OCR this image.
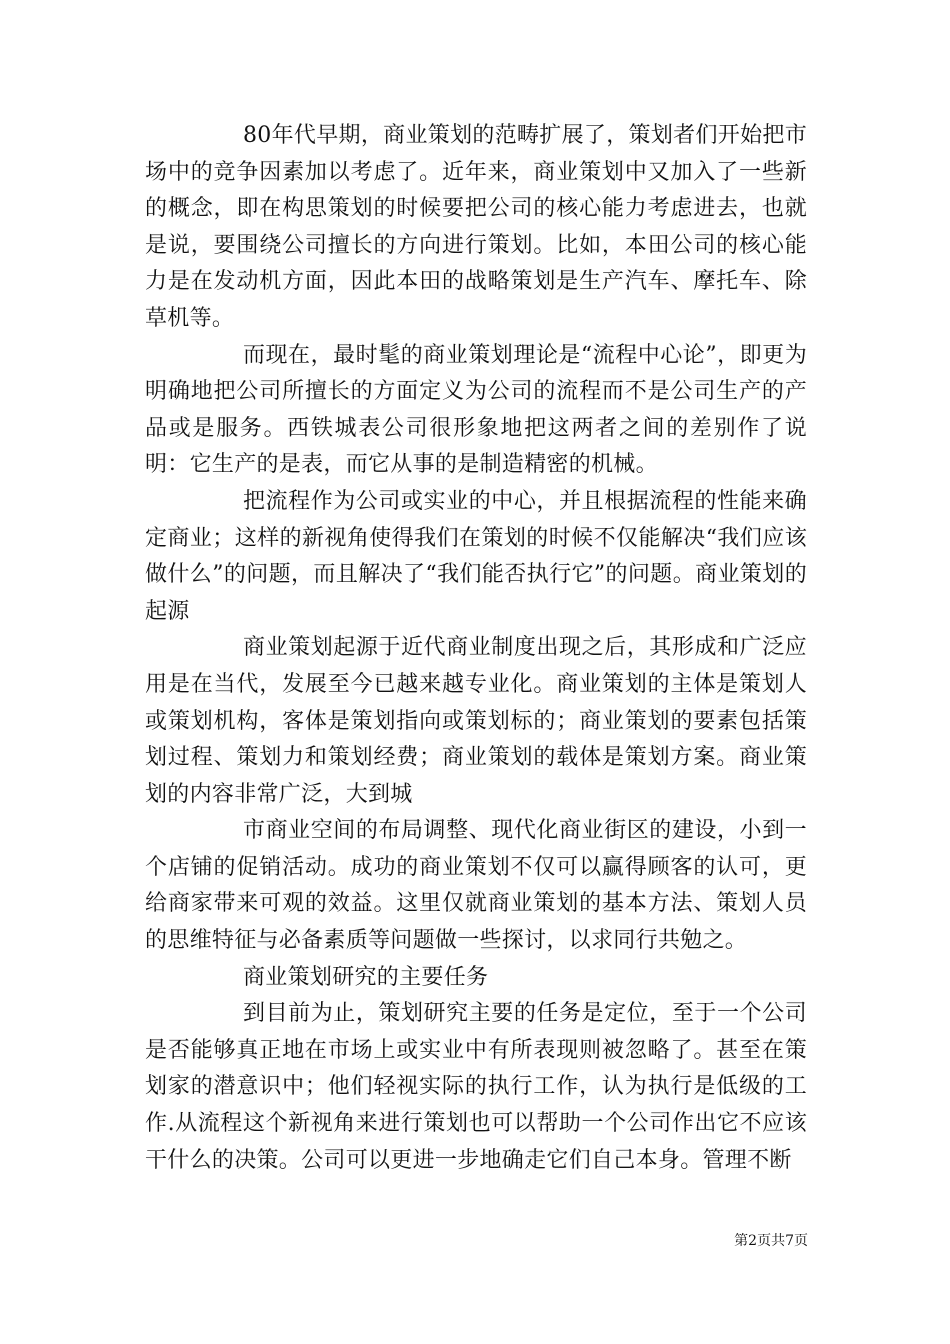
80年代早期，商业策划的范畴扩展了，策划者们开始把市场中的竞争因素加以考虑了。近年来，商业策划中又加入了一些新的概念，即在构思策划的时候要把公司的核心能力考虑进去，也就是说，要围绕公司擅长的方向进行策划。比如，本田公司的核心能力是在发动机方面，因此本田的战略策划是生产汽车、摩托车、除草机等。

而现在，最时髦的商业策划理论是“流程中心论”，即更为明确地把公司所擅长的方面定义为公司的流程而不是公司生产的产品或是服务。西铁城表公司很形象地把这两者之间的差别作了说明：它生产的是表，而它从事的是制造精密的机械。

把流程作为公司或实业的中心，并且根据流程的性能来确定商业；这样的新视角使得我们在策划的时候不仅能解决“我们应该做什么”的问题，而且解决了“我们能否执行它”的问题。商业策划的起源

商业策划起源于近代商业制度出现之后，其形成和广泛应用是在当代，发展至今已越来越专业化。商业策划的主体是策划人或策划机构，客体是策划指向或策划标的；商业策划的要素包括策划过程、策划力和策划经费；商业策划的载体是策划方案。商业策划的内容非常广泛，大到城

市商业空间的布局调整、现代化商业街区的建设，小到一个店铺的促销活动。成功的商业策划不仅可以赢得顾客的认可，更给商家带来可观的效益。这里仅就商业策划的基本方法、策划人员的思维特征与必备素质等问题做一些探讨，以求同行共勉之。

商业策划研究的主要任务

到目前为止，策划研究主要的任务是定位，至于一个公司是否能够真正地在市场上或实业中有所表现则被忽略了。甚至在策划家的潜意识中；他们轻视实际的执行工作，认为执行是低级的工作.从流程这个新视角来进行策划也可以帮助一个公司作出它不应该干什么的决策。公司可以更进一步地确走它们自己本身。管理不断

第2页共7页
